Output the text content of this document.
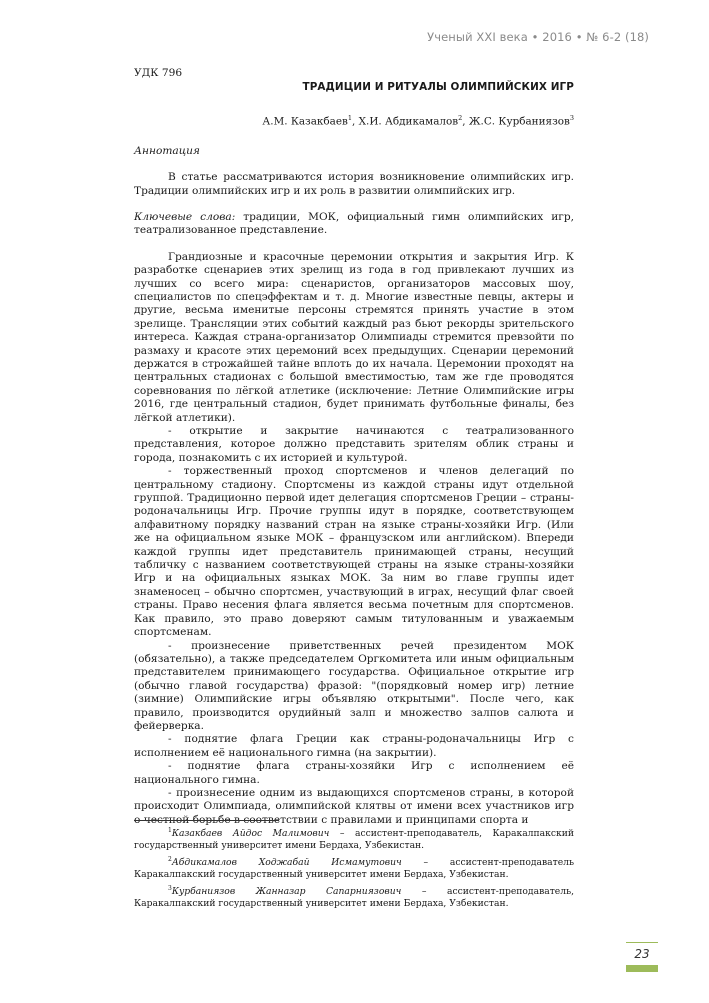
Ученый XXI века • 2016 • № 6-2 (18)

УДК 796

ТРАДИЦИИ И РИТУАЛЫ ОЛИМПИЙСКИХ ИГР

А.М. Казакбаев$^1$, Х.И. Абдикамалов$^2$, Ж.С. Курбаниязов$^3$

Аннотация

В статье рассматриваются история возникновение олимпийских игр. Традиции олимпийских игр и их роль в развитии олимпийских игр.

Ключевые слова: традиции, МОК, официальный гимн олимпийских игр, театрализованное представление.

Грандиозные и красочные церемонии открытия и закрытия Игр. К разработке сценариев этих зрелищ из года в год привлекают лучших из лучших со всего мира: сценаристов, организаторов массовых шоу, специалистов по спецэффектам и т. д. Многие известные певцы, актеры и другие, весьма именитые персоны стремятся принять участие в этом зрелище. Трансляции этих событий каждый раз бьют рекорды зрительского интереса. Каждая страна-организатор Олимпиады стремится превзойти по размаху и красоте этих церемоний всех предыдущих. Сценарии церемоний держатся в строжайшей тайне вплоть до их начала. Церемонии проходят на центральных стадионах с большой вместимостью, там же где проводятся соревнования по лёгкой атлетике (исключение: Летние Олимпийские игры 2016, где центральный стадион, будет принимать футбольные финалы, без лёгкой атлетики).

- открытие и закрытие начинаются с театрализованного представления, которое должно представить зрителям облик страны и города, познакомить с их историей и культурой.

- торжественный проход спортсменов и членов делегаций по центральному стадиону. Спортсмены из каждой страны идут отдельной группой. Традиционно первой идет делегация спортсменов Греции – страны-родоначальницы Игр. Прочие группы идут в порядке, соответствующем алфавитному порядку названий стран на языке страны-хозяйки Игр. (Или же на официальном языке МОК – французском или английском). Впереди каждой группы идет представитель принимающей страны, несущий табличку с названием соответствующей страны на языке страны-хозяйки Игр и на официальных языках МОК. За ним во главе группы идет знаменосец – обычно спортсмен, участвующий в играх, несущий флаг своей страны. Право несения флага является весьма почетным для спортсменов. Как правило, это право доверяют самым титулованным и уважаемым спортсменам.

- произнесение приветственных речей президентом МОК (обязательно), а также председателем Оргкомитета или иным официальным представителем принимающего государства. Официальное открытие игр (обычно главой государства) фразой: "(порядковый номер игр) летние (зимние) Олимпийские игры объявляю открытыми". После чего, как правило, производится орудийный залп и множество залпов салюта и фейерверка.

- поднятие флага Греции как страны-родоначальницы Игр с исполнением её национального гимна (на закрытии).

- поднятие флага страны-хозяйки Игр с исполнением её национального гимна.

- произнесение одним из выдающихся спортсменов страны, в которой происходит Олимпиада, олимпийской клятвы от имени всех участников игр о честной борьбе в соответствии с правилами и принципами спорта и

$^1$Казакбаев Айдос Малимович – ассистент-преподаватель, Каракалпакский государственный университет имени Бердаха, Узбекистан.

$^2$Абдикамалов Ходжабай Исмамутович – ассистент-преподаватель Каракалпакский государственный университет имени Бердаха, Узбекистан.

$^3$Курбаниязов Жанназар Сапарниязович – ассистент-преподаватель, Каракалпакский государственный университет имени Бердаха, Узбекистан.

23
